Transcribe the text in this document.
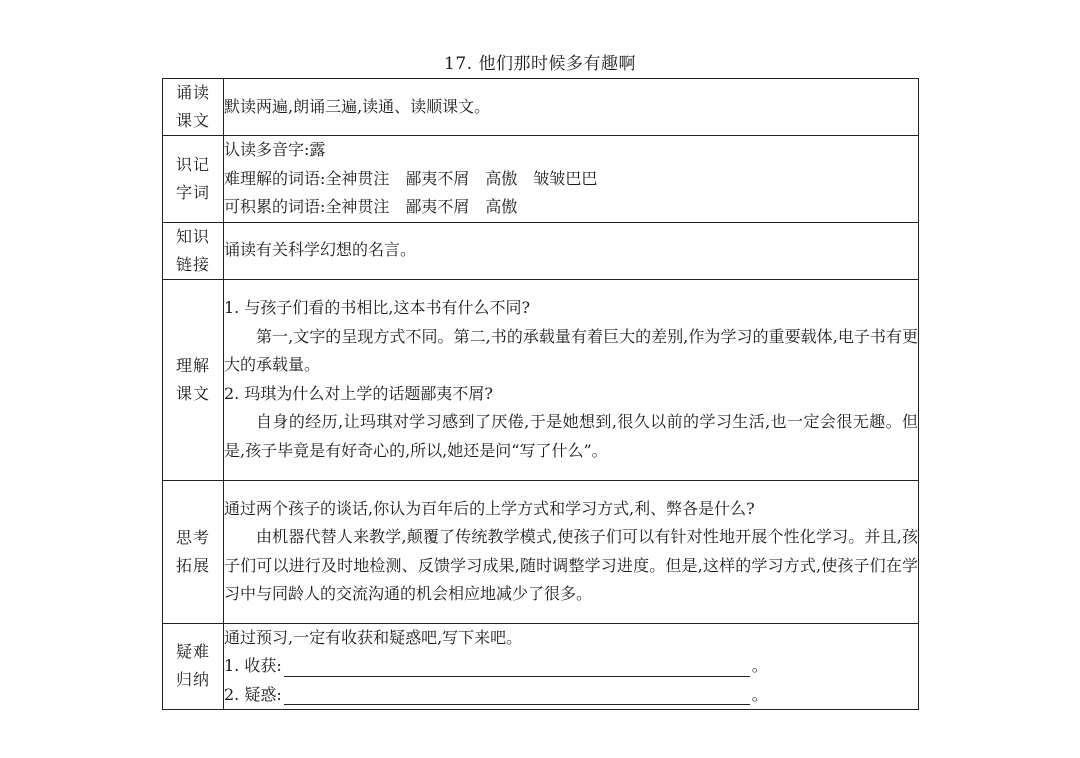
17. 他们那时候多有趣啊
诵读
课文	默读两遍,朗诵三遍,读通、读顺课文。

识记
字词	认读多音字:露
难理解的词语:全神贯注　鄙夷不屑　高傲　皱皱巴巴
可积累的词语:全神贯注　鄙夷不屑　高傲

知识
链接	诵读有关科学幻想的名言。

理解
课文	1. 与孩子们看的书相比,这本书有什么不同?
第一,文字的呈现方式不同。第二,书的承载量有着巨大的差别,作为学习的重要载体,电子书有更大的承载量。
2. 玛琪为什么对上学的话题鄙夷不屑?
自身的经历,让玛琪对学习感到了厌倦,于是她想到,很久以前的学习生活,也一定会很无趣。但是,孩子毕竟是有好奇心的,所以,她还是问“写了什么”。

思考
拓展	通过两个孩子的谈话,你认为百年后的上学方式和学习方式,利、弊各是什么?
由机器代替人来教学,颠覆了传统教学模式,使孩子们可以有针对性地开展个性化学习。并且,孩子们可以进行及时地检测、反馈学习成果,随时调整学习进度。但是,这样的学习方式,使孩子们在学习中与同龄人的交流沟通的机会相应地减少了很多。

疑难
归纳	通过预习,一定有收获和疑惑吧,写下来吧。
1. 收获: 。
2. 疑惑: 。
